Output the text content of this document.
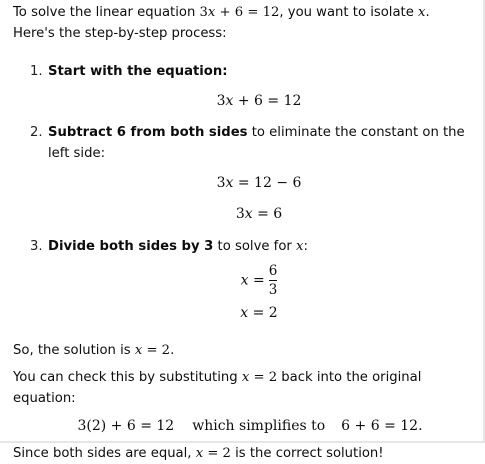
To solve the linear equation 3x + 6 = 12, you want to isolate x. Here's the step-by-step process:

1. Start with the equation:
3x + 6 = 12
2. Subtract 6 from both sides to eliminate the constant on the left side:
3x = 12 − 6
3x = 6
3. Divide both sides by 3 to solve for x:
$x = \frac{6}{3}$
x = 2

So, the solution is x = 2.

You can check this by substituting x = 2 back into the original equation:

3(2) + 6 = 12 which simplifies to 6 + 6 = 12.

Since both sides are equal, x = 2 is the correct solution!
